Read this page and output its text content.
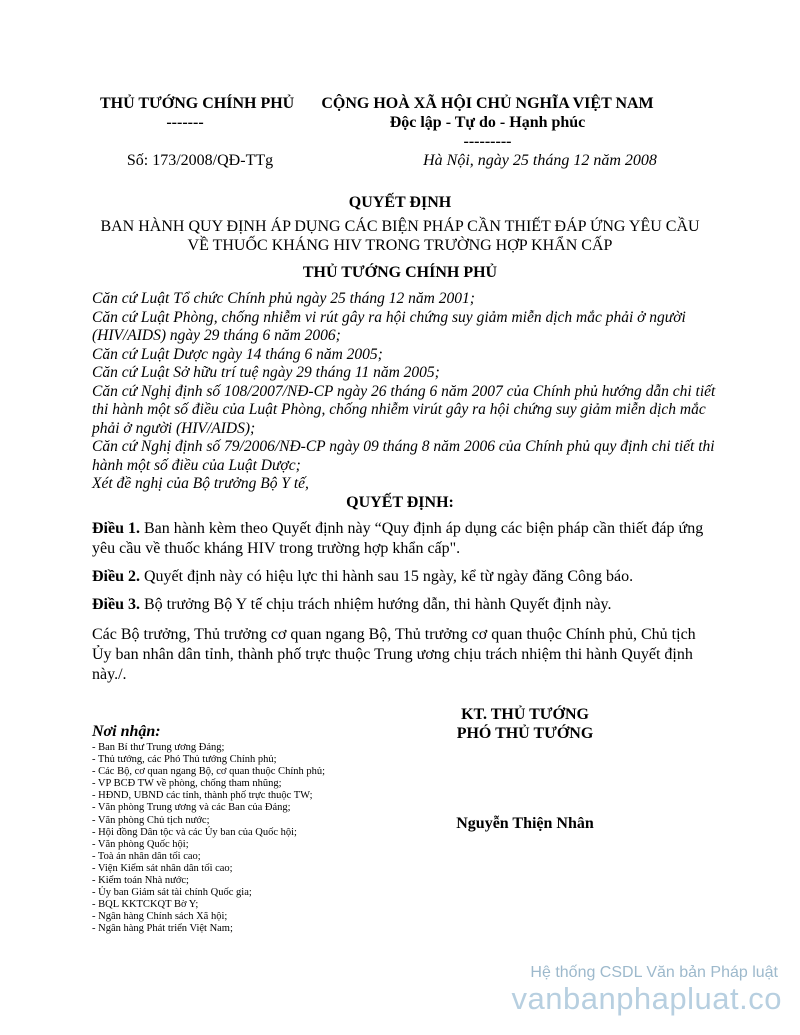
THỦ TƯỚNG CHÍNH PHỦ
-------
CỘNG HOÀ XÃ HỘI CHỦ NGHĨA VIỆT NAM
Độc lập - Tự do - Hạnh phúc
---------
Số: 173/2008/QĐ-TTg	Hà Nội, ngày 25 tháng 12 năm 2008
QUYẾT ĐỊNH
BAN HÀNH QUY ĐỊNH ÁP DỤNG CÁC BIỆN PHÁP CẦN THIẾT ĐÁP ỨNG YÊU CẦU
VỀ THUỐC KHÁNG HIV TRONG TRƯỜNG HỢP KHẨN CẤP
THỦ TƯỚNG CHÍNH PHỦ

Căn cứ Luật Tổ chức Chính phủ ngày 25 tháng 12 năm 2001;

Căn cứ Luật Phòng, chống nhiễm vi rút gây ra hội chứng suy giảm miễn dịch mắc phải ở người (HIV/AIDS) ngày 29 tháng 6 năm 2006;

Căn cứ Luật Dược ngày 14 tháng 6 năm 2005;

Căn cứ Luật Sở hữu trí tuệ ngày 29 tháng 11 năm 2005;

Căn cứ Nghị định số 108/2007/NĐ-CP ngày 26 tháng 6 năm 2007 của Chính phủ hướng dẫn chi tiết thi hành một số điều của Luật Phòng, chống nhiễm virút gây ra hội chứng suy giảm miễn dịch mắc phải ở người (HIV/AIDS);

Căn cứ Nghị định số 79/2006/NĐ-CP ngày 09 tháng 8 năm 2006 của Chính phủ quy định chi tiết thi hành một số điều của Luật Dược;

Xét đề nghị của Bộ trưởng Bộ Y tế,

QUYẾT ĐỊNH:

Điều 1. Ban hành kèm theo Quyết định này “Quy định áp dụng các biện pháp cần thiết đáp ứng yêu cầu về thuốc kháng HIV trong trường hợp khẩn cấp".

Điều 2. Quyết định này có hiệu lực thi hành sau 15 ngày, kể từ ngày đăng Công báo.

Điều 3. Bộ trưởng Bộ Y tế chịu trách nhiệm hướng dẫn, thi hành Quyết định này.

Các Bộ trưởng, Thủ trưởng cơ quan ngang Bộ, Thủ trưởng cơ quan thuộc Chính phủ, Chủ tịch Ủy ban nhân dân tỉnh, thành phố trực thuộc Trung ương chịu trách nhiệm thi hành Quyết định này./.

KT. THỦ TƯỚNG
PHÓ THỦ TƯỚNG
Nguyễn Thiện Nhân
Nơi nhận:
- Ban Bí thư Trung ương Đảng;
- Thủ tướng, các Phó Thủ tướng Chính phủ;
- Các Bộ, cơ quan ngang Bộ, cơ quan thuộc Chính phủ;
- VP BCĐ TW về phòng, chống tham nhũng;
- HĐND, UBND các tỉnh, thành phố trực thuộc TW;
- Văn phòng Trung ương và các Ban của Đảng;
- Văn phòng Chủ tịch nước;
- Hội đồng Dân tộc và các Ủy ban của Quốc hội;
- Văn phòng Quốc hội;
- Toà án nhân dân tối cao;
- Viện Kiểm sát nhân dân tối cao;
- Kiểm toán Nhà nước;
- Ủy ban Giám sát tài chính Quốc gia;
- BQL KKTCKQT Bờ Y;
- Ngân hàng Chính sách Xã hội;
- Ngân hàng Phát triển Việt Nam;
Hệ thống CSDL Văn bản Pháp luật
vanbanphapluat.co
